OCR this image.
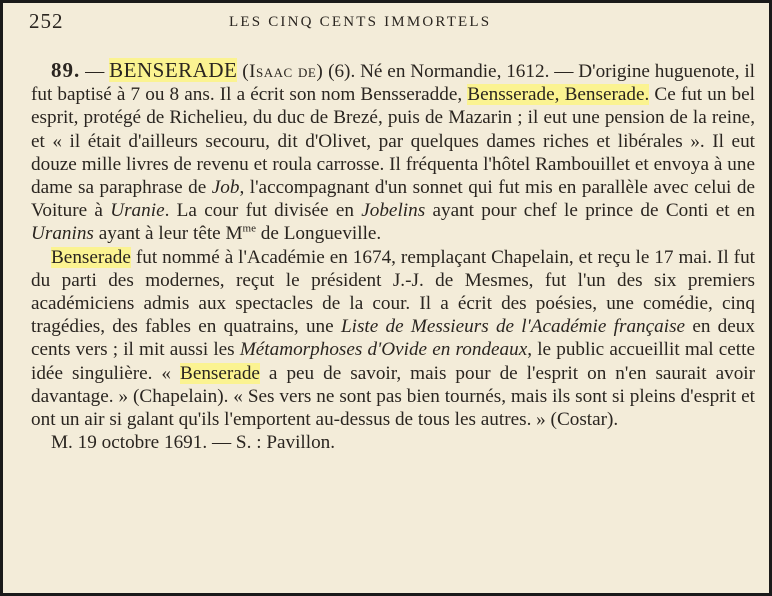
252	LES CINQ CENTS IMMORTELS

89. — BENSERADE (Isaac de) (6). Né en Normandie, 1612. — D'origine huguenote, il fut baptisé à 7 ou 8 ans. Il a écrit son nom Bensseradde, Bensserade, Benserade. Ce fut un bel esprit, protégé de Richelieu, du duc de Brezé, puis de Mazarin ; il eut une pension de la reine, et « il était d'ailleurs secouru, dit d'Olivet, par quelques dames riches et libérales ». Il eut douze mille livres de revenu et roula carrosse. Il fréquenta l'hôtel Rambouillet et envoya à une dame sa paraphrase de Job, l'accompagnant d'un sonnet qui fut mis en parallèle avec celui de Voiture à Uranie. La cour fut divisée en Jobelins ayant pour chef le prince de Conti et en Uranins ayant à leur tête $M^{me}$ de Longueville.

Benserade fut nommé à l'Académie en 1674, remplaçant Chapelain, et reçu le 17 mai. Il fut du parti des modernes, reçut le président J.-J. de Mesmes, fut l'un des six premiers académiciens admis aux spectacles de la cour. Il a écrit des poésies, une comédie, cinq tragédies, des fables en quatrains, une Liste de Messieurs de l'Académie française en deux cents vers ; il mit aussi les Métamorphoses d'Ovide en rondeaux, le public accueillit mal cette idée singulière. « Benserade a peu de savoir, mais pour de l'esprit on n'en saurait avoir davantage. » (Chapelain). « Ses vers ne sont pas bien tournés, mais ils sont si pleins d'esprit et ont un air si galant qu'ils l'emportent au-dessus de tous les autres. » (Costar).

M. 19 octobre 1691. — S. : Pavillon.
